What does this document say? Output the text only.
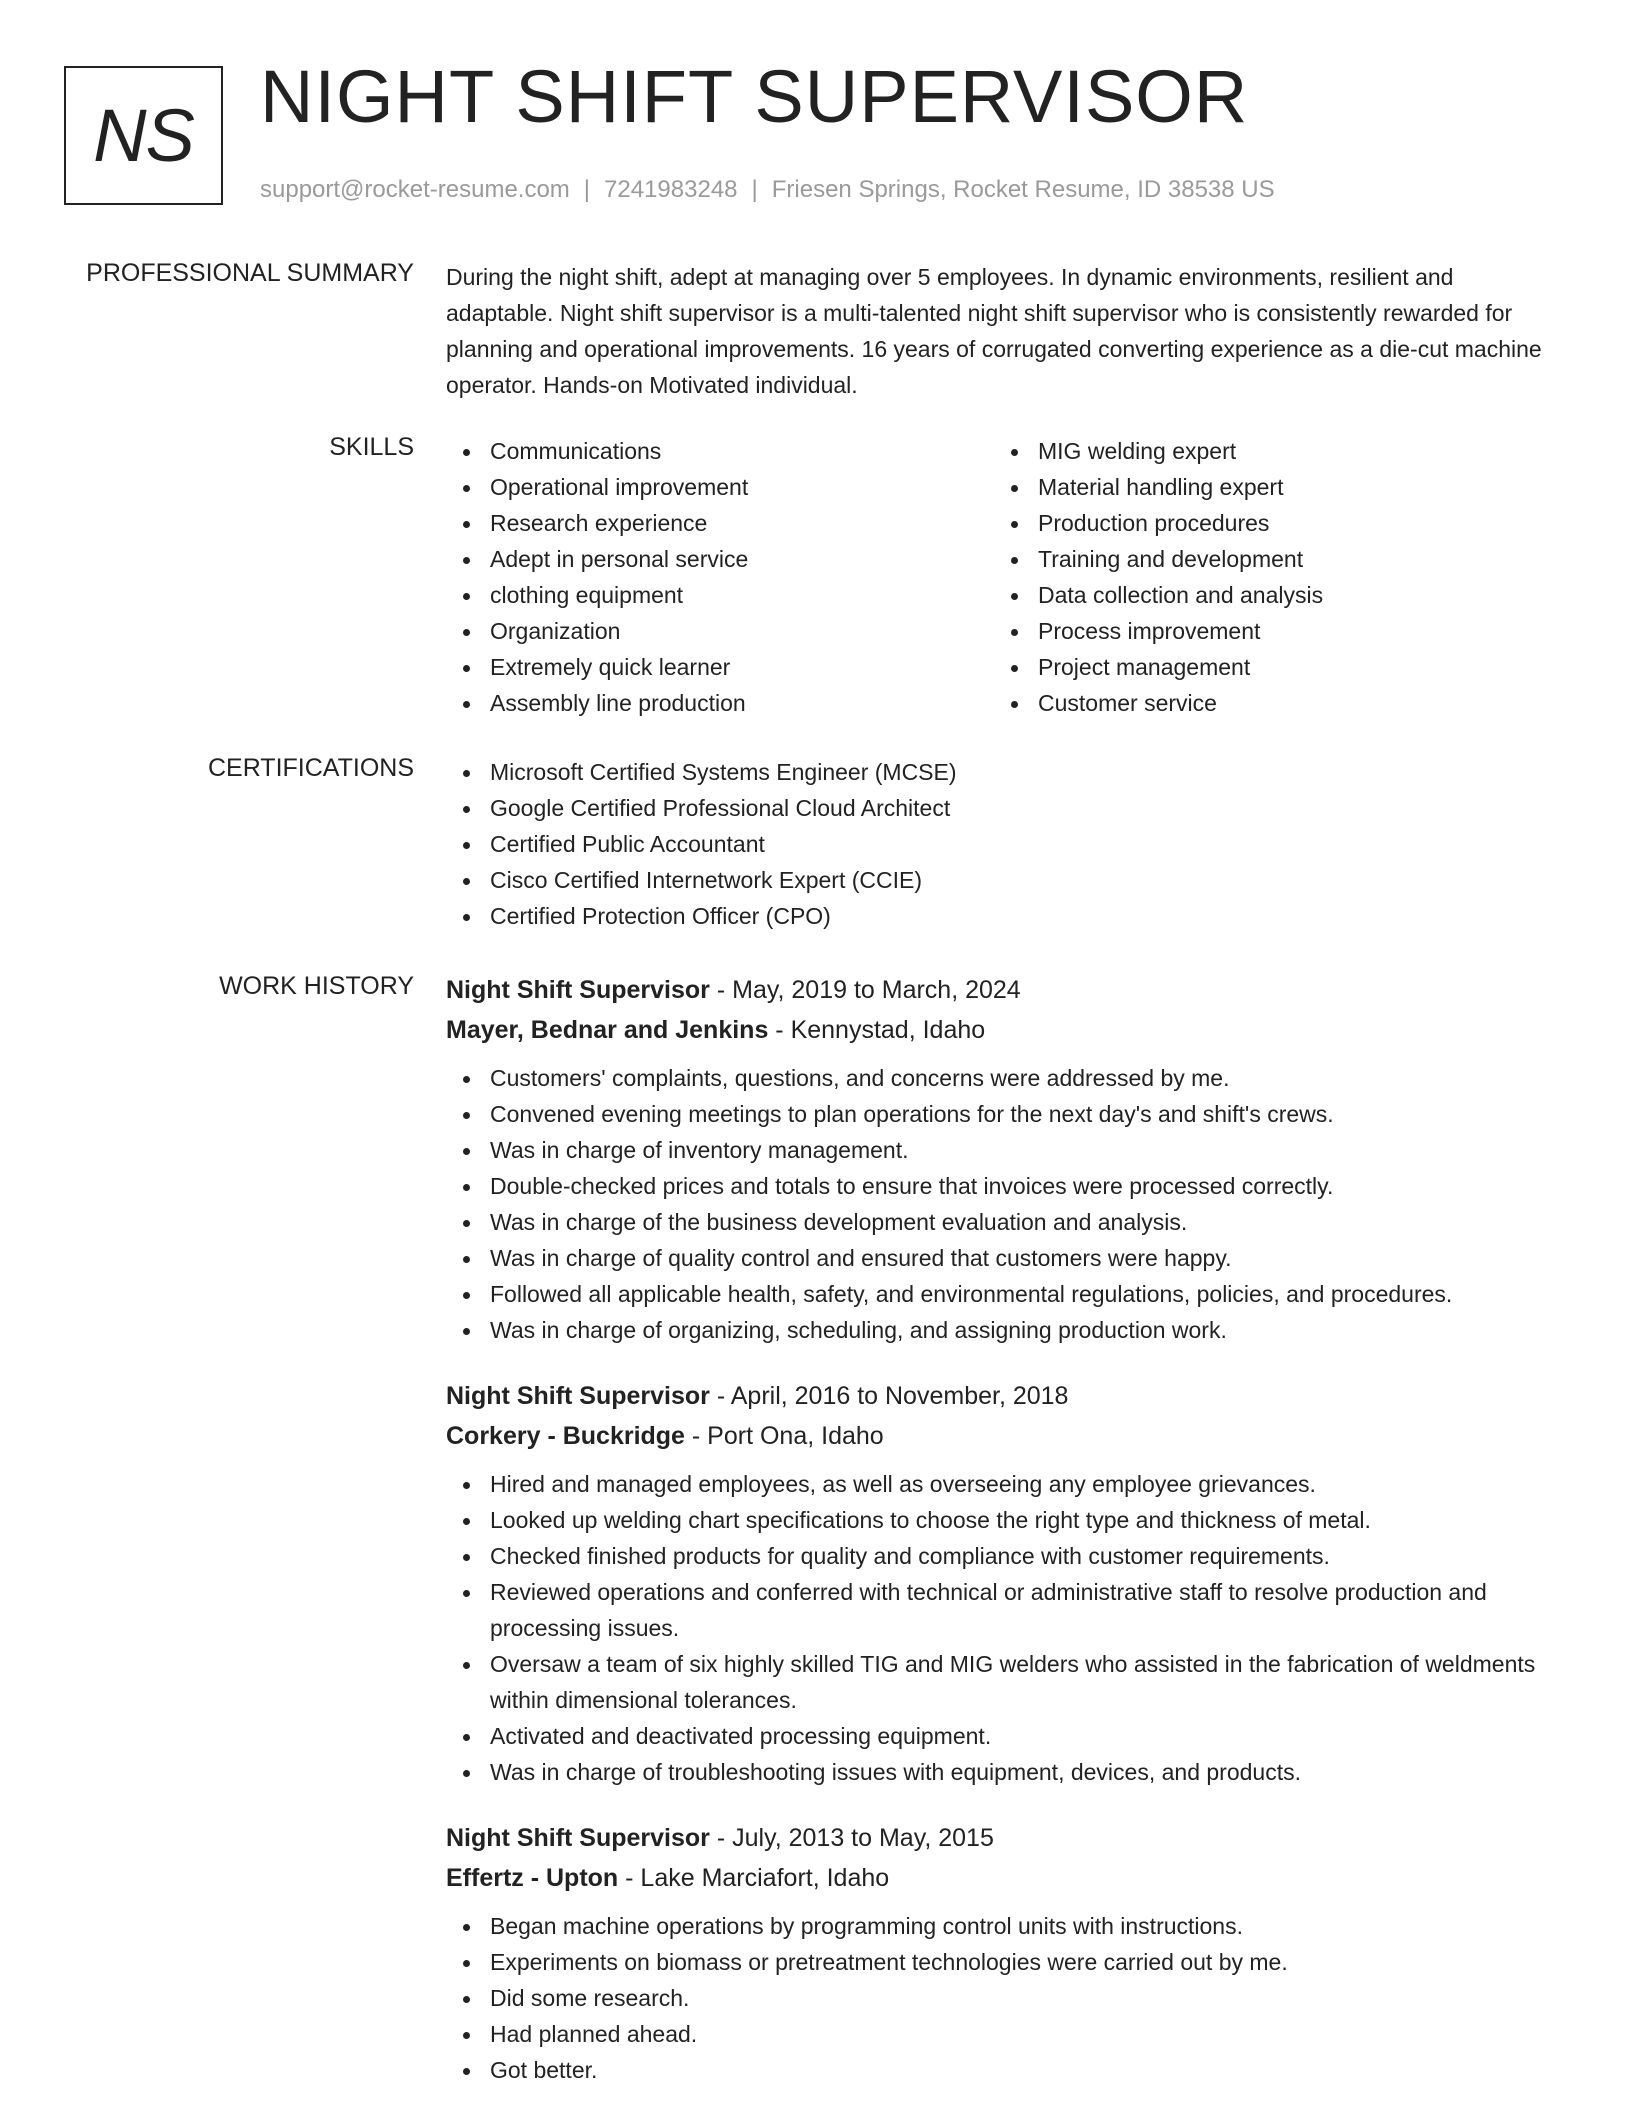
NS NIGHT SHIFT SUPERVISOR
support@rocket-resume.com | 7241983248 | Friesen Springs, Rocket Resume, ID 38538 US
PROFESSIONAL SUMMARY During the night shift, adept at managing over 5 employees. In dynamic environments, resilient and adaptable. Night shift supervisor is a multi-talented night shift supervisor who is consistently rewarded for planning and operational improvements. 16 years of corrugated converting experience as a die-cut machine operator. Hands-on Motivated individual.
SKILLS	Communications
Operational improvement
Research experience
Adept in personal service
clothing equipment
Organization
Extremely quick learner
Assembly line production
MIG welding expert
Material handling expert
Production procedures
Training and development
Data collection and analysis
Process improvement
Project management
Customer service
CERTIFICATIONS	Microsoft Certified Systems Engineer (MCSE)
Google Certified Professional Cloud Architect
Certified Public Accountant
Cisco Certified Internetwork Expert (CCIE)
Certified Protection Officer (CPO)
WORK HISTORY Night Shift Supervisor - May, 2019 to March, 2024
Mayer, Bednar and Jenkins - Kennystad, Idaho
Customers' complaints, questions, and concerns were addressed by me.
Convened evening meetings to plan operations for the next day's and shift's crews.
Was in charge of inventory management.
Double-checked prices and totals to ensure that invoices were processed correctly.
Was in charge of the business development evaluation and analysis.
Was in charge of quality control and ensured that customers were happy.
Followed all applicable health, safety, and environmental regulations, policies, and procedures.
Was in charge of organizing, scheduling, and assigning production work.
Night Shift Supervisor - April, 2016 to November, 2018
Corkery - Buckridge - Port Ona, Idaho
Hired and managed employees, as well as overseeing any employee grievances.
Looked up welding chart specifications to choose the right type and thickness of metal.
Checked finished products for quality and compliance with customer requirements.
Reviewed operations and conferred with technical or administrative staff to resolve production and processing issues.
Oversaw a team of six highly skilled TIG and MIG welders who assisted in the fabrication of weldments within dimensional tolerances.
Activated and deactivated processing equipment.
Was in charge of troubleshooting issues with equipment, devices, and products.
Night Shift Supervisor - July, 2013 to May, 2015
Effertz - Upton - Lake Marciafort, Idaho
Began machine operations by programming control units with instructions.
Experiments on biomass or pretreatment technologies were carried out by me.
Did some research.
Had planned ahead.
Got better.
